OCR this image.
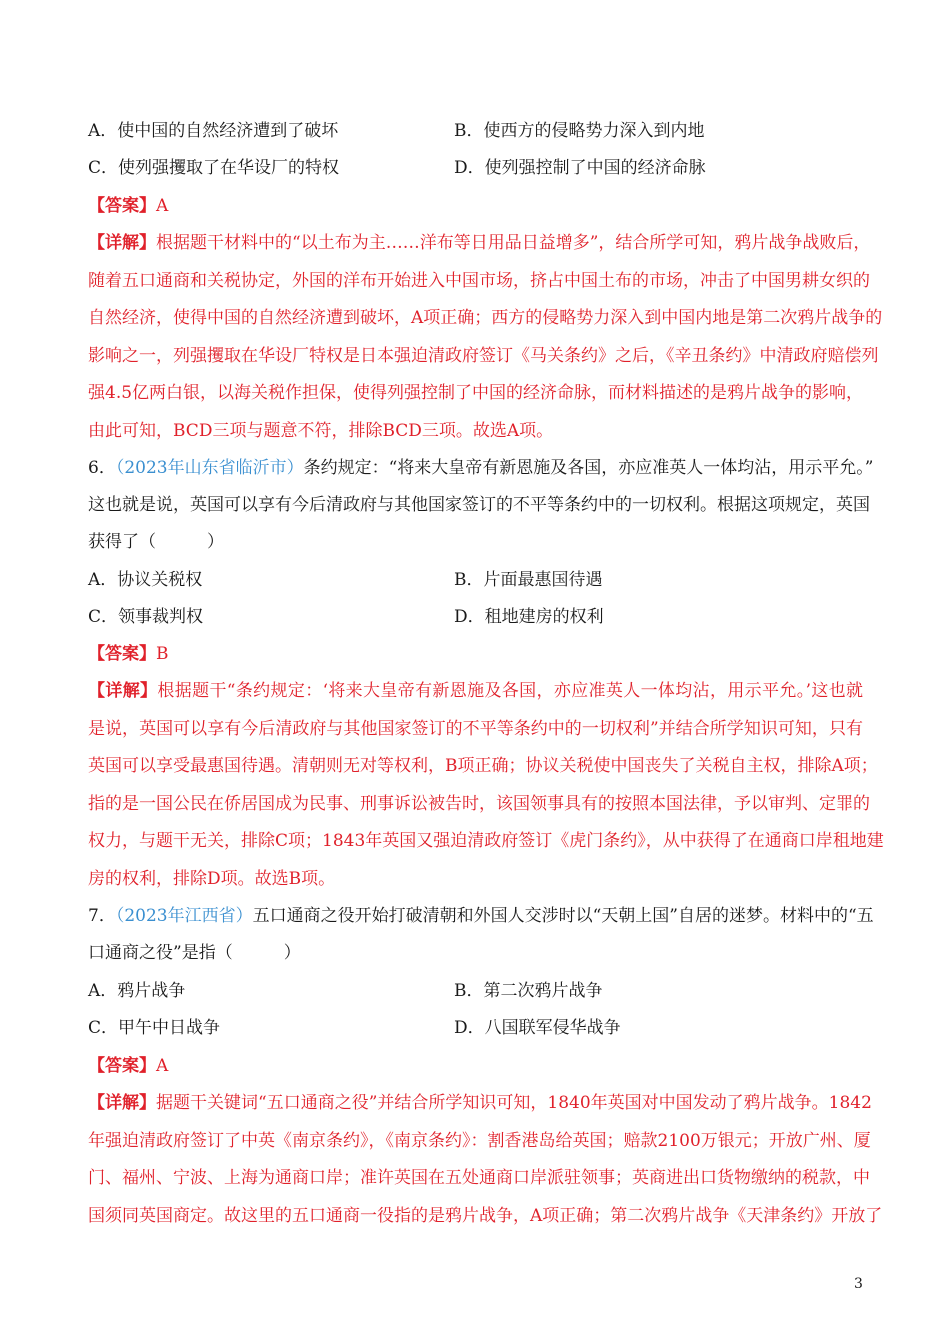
A．使中国的自然经济遭到了破坏	B．使西方的侵略势力深入到内地
C．使列强攫取了在华设厂的特权	D．使列强控制了中国的经济命脉
【答案】A
【详解】根据题干材料中的“以土布为主……洋布等日用品日益增多”，结合所学可知，鸦片战争战败后，
随着五口通商和关税协定，外国的洋布开始进入中国市场，挤占中国土布的市场，冲击了中国男耕女织的
自然经济，使得中国的自然经济遭到破坏，A项正确；西方的侵略势力深入到中国内地是第二次鸦片战争的
影响之一，列强攫取在华设厂特权是日本强迫清政府签订《马关条约》之后，《辛丑条约》中清政府赔偿列
强4.5亿两白银，以海关税作担保，使得列强控制了中国的经济命脉，而材料描述的是鸦片战争的影响，
由此可知，BCD三项与题意不符，排除BCD三项。故选A项。
6．（2023年山东省临沂市）条约规定：“将来大皇帝有新恩施及各国，亦应准英人一体均沾，用示平允。”
这也就是说，英国可以享有今后清政府与其他国家签订的不平等条约中的一切权利。根据这项规定，英国
获得了（　　　）
A．协议关税权	B．片面最惠国待遇
C．领事裁判权	D．租地建房的权利
【答案】B
【详解】根据题干“条约规定：‘将来大皇帝有新恩施及各国，亦应准英人一体均沾，用示平允。’这也就
是说，英国可以享有今后清政府与其他国家签订的不平等条约中的一切权利”并结合所学知识可知，只有
英国可以享受最惠国待遇。清朝则无对等权利，B项正确；协议关税使中国丧失了关税自主权，排除A项；
指的是一国公民在侨居国成为民事、刑事诉讼被告时，该国领事具有的按照本国法律，予以审判、定罪的
权力，与题干无关，排除C项；1843年英国又强迫清政府签订《虎门条约》，从中获得了在通商口岸租地建
房的权利，排除D项。故选B项。
7．（2023年江西省）五口通商之役开始打破清朝和外国人交涉时以“天朝上国”自居的迷梦。材料中的“五
口通商之役”是指（　　　）
A．鸦片战争	B．第二次鸦片战争
C．甲午中日战争	D．八国联军侵华战争
【答案】A
【详解】据题干关键词“五口通商之役”并结合所学知识可知，1840年英国对中国发动了鸦片战争。1842
年强迫清政府签订了中英《南京条约》，《南京条约》：割香港岛给英国；赔款2100万银元；开放广州、厦
门、福州、宁波、上海为通商口岸；准许英国在五处通商口岸派驻领事；英商进出口货物缴纳的税款，中
国须同英国商定。故这里的五口通商一役指的是鸦片战争，A项正确；第二次鸦片战争《天津条约》开放了
3
